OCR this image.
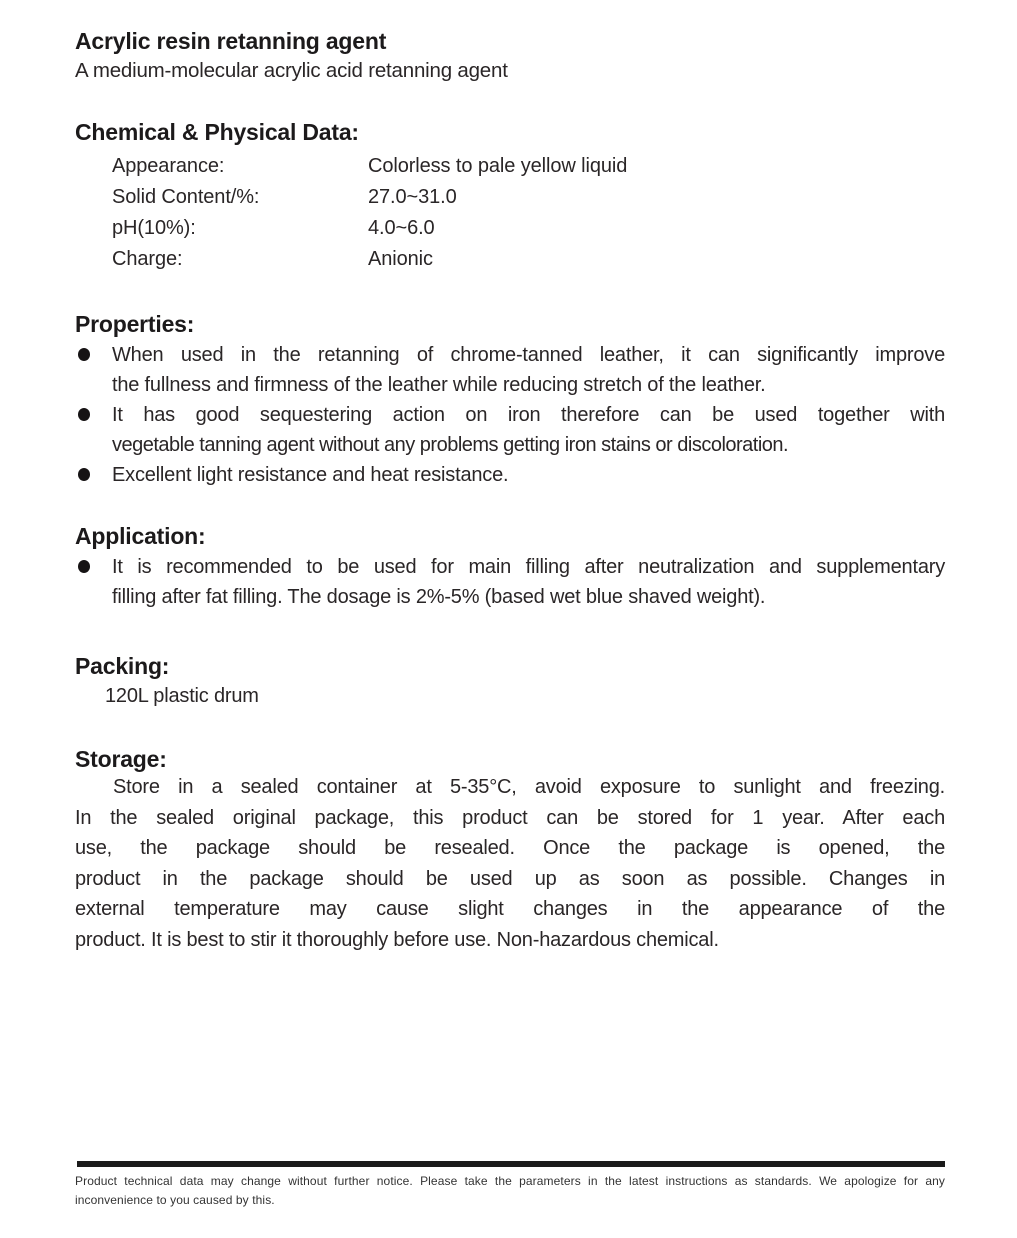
Acrylic resin retanning agent
A medium-molecular acrylic acid retanning agent
Chemical & Physical Data:
Appearance:	Colorless to pale yellow liquid
Solid Content/%:	27.0~31.0
pH(10%):	4.0~6.0
Charge:	Anionic
Properties:
When used in the retanning of chrome-tanned leather, it can significantly improve
the fullness and firmness of the leather while reducing stretch of the leather.
It has good sequestering action on iron therefore can be used together with
vegetable tanning agent without any problems getting iron stains or discoloration.
Excellent light resistance and heat resistance.
Application:
It is recommended to be used for main filling after neutralization and supplementary
filling after fat filling. The dosage is 2%-5% (based wet blue shaved weight).
Packing:
120L plastic drum
Storage:
Store in a sealed container at 5-35°C, avoid exposure to sunlight and freezing.
In the sealed original package, this product can be stored for 1 year. After each
use, the package should be resealed. Once the package is opened, the
product in the package should be used up as soon as possible. Changes in
external temperature may cause slight changes in the appearance of the
product. It is best to stir it thoroughly before use. Non-hazardous chemical.
Product technical data may change without further notice. Please take the parameters in the latest instructions as standards. We apologize for any
inconvenience to you caused by this.
